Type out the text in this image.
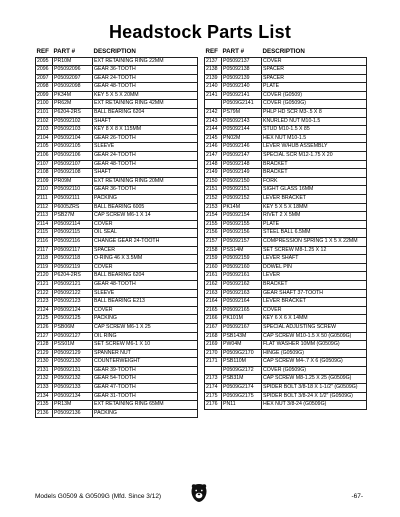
Headstock Parts List
REF	PART #	DESCRIPTION
2095	PR10M	EXT RETAINING RING 22MM
2096	P05092096	GEAR 36-TOOTH
2097	P05092097	GEAR 24-TOOTH
2098	P05092098	GEAR 48-TOOTH
2099	PK34M	KEY 5 X 5 X 20MM
2100	PR62M	EXT RETAINING RING 42MM
2101	P6204-2RS	BALL BEARING 6204
2102	P05092102	SHAFT
2103	P05092103	KEY 8 X 8 X 115MM
2104	P05092104	GEAR 26-TOOTH
2105	P05092105	SLEEVE
2106	P05092106	GEAR 24-TOOTH
2107	P05092107	GEAR 48-TOOTH
2108	P05092108	SHAFT
2109	PR09M	EXT RETAINING RING 20MM
2110	P05092110	GEAR 36-TOOTH
2111	P05092111	PACKING
2112	P6005ZRS	BALL BEARING 6005
2113	PSB27M	CAP SCREW M6-1 X 14
2114	P05092114	COVER
2115	P05092115	OIL SEAL
2116	P05092116	CHANGE GEAR 24-TOOTH
2117	P05092117	SPACER
2118	P05092118	O-RING 46 X 3.5MM
2119	P05092119	COVER
2120	P6204-2RS	BALL BEARING 6204
2121	P05092121	GEAR 48-TOOTH
2122	P05092122	SLEEVE
2123	P05092123	BALL BEARING E213
2124	P05092124	COVER
2125	P05092125	PACKING
2126	PSB06M	CAP SCREW M6-1 X 25
2127	P05092127	OIL RING
2128	PSS01M	SET SCREW M6-1 X 10
2129	P05092129	SPANNER NUT
2130	P05092130	COUNTERWEIGHT
2131	P05092131	GEAR 39-TOOTH
2132	P05092132	GEAR 54-TOOTH
2133	P05092133	GEAR 47-TOOTH
2134	P05092134	GEAR 31-TOOTH
2135	PR13M	EXT RETAINING RING 65MM
2136	P05092136	PACKING
REF	PART #	DESCRIPTION
2137	P05092137	COVER
2138	P05092138	SPACER
2139	P05092139	SPACER
2140	P05092140	PLATE
2141	P05092141	COVER (G0509)
	P0509G2141	COVER (G0509G)
2142	PS79M	PHLP HD SCR M3-.5 X 8
2143	P05092143	KNURLED NUT M10-1.5
2144	P05092144	STUD M10-1.5 X 85
2145	PN02M	HEX NUT M10-1.5
2146	P05092146	LEVER W/HUB ASSEMBLY
2147	P05092147	SPECIAL SCR M12-1.75 X 20
2148	P05092148	BRACKET
2149	P05092149	BRACKET
2150	P05092150	FORK
2151	P05092151	SIGHT GLASS 16MM
2152	P05092152	LEVER BRACKET
2153	PK14M	KEY 5 X 5 X 18MM
2154	P05092154	RIVET 2 X 5MM
2155	P05092155	PLATE
2156	P05092156	STEEL BALL 6.5MM
2157	P05092157	COMPRESSION SPRING 1 X 5 X 22MM
2158	PSS14M	SET SCREW M8-1.25 X 12
2159	P05092159	LEVER SHAFT
2160	P05092160	DOWEL PIN
2161	P05092161	LEVER
2162	P05092162	BRACKET
2163	P05092163	GEAR SHAFT 37-TOOTH
2164	P05092164	LEVER BRACKET
2165	P05092165	COVER
2166	PK101M	KEY 6 X 6 X 14MM
2167	P05092167	SPECIAL ADJUSTING SCREW
2168	PSB143M	CAP SCREW M10-1.5 X 50 (G0509G)
2169	PW04M	FLAT WASHER 10MM (G0509G)
2170	P0509G2170	HINGE (G0509G)
2171	PSB110M	CAP SCREW M4-.7 X 6 (G0509G)
	P0509G2172	COVER (G0509G)
2173	PSB31M	CAP SCREW M8-1.25 X 25 (G0509G)
2174	P0509G2174	SPIDER BOLT 3/8-18 X 1-1/2" (G0509G)
2175	P0509G2175	SPIDER BOLT 3/8-24 X 1/2" (G0509G)
2176	PN11	HEX NUT 3/8-24 (G0509G)
Models G0509 & G0509G (Mfd. Since 3/12)	-67-
